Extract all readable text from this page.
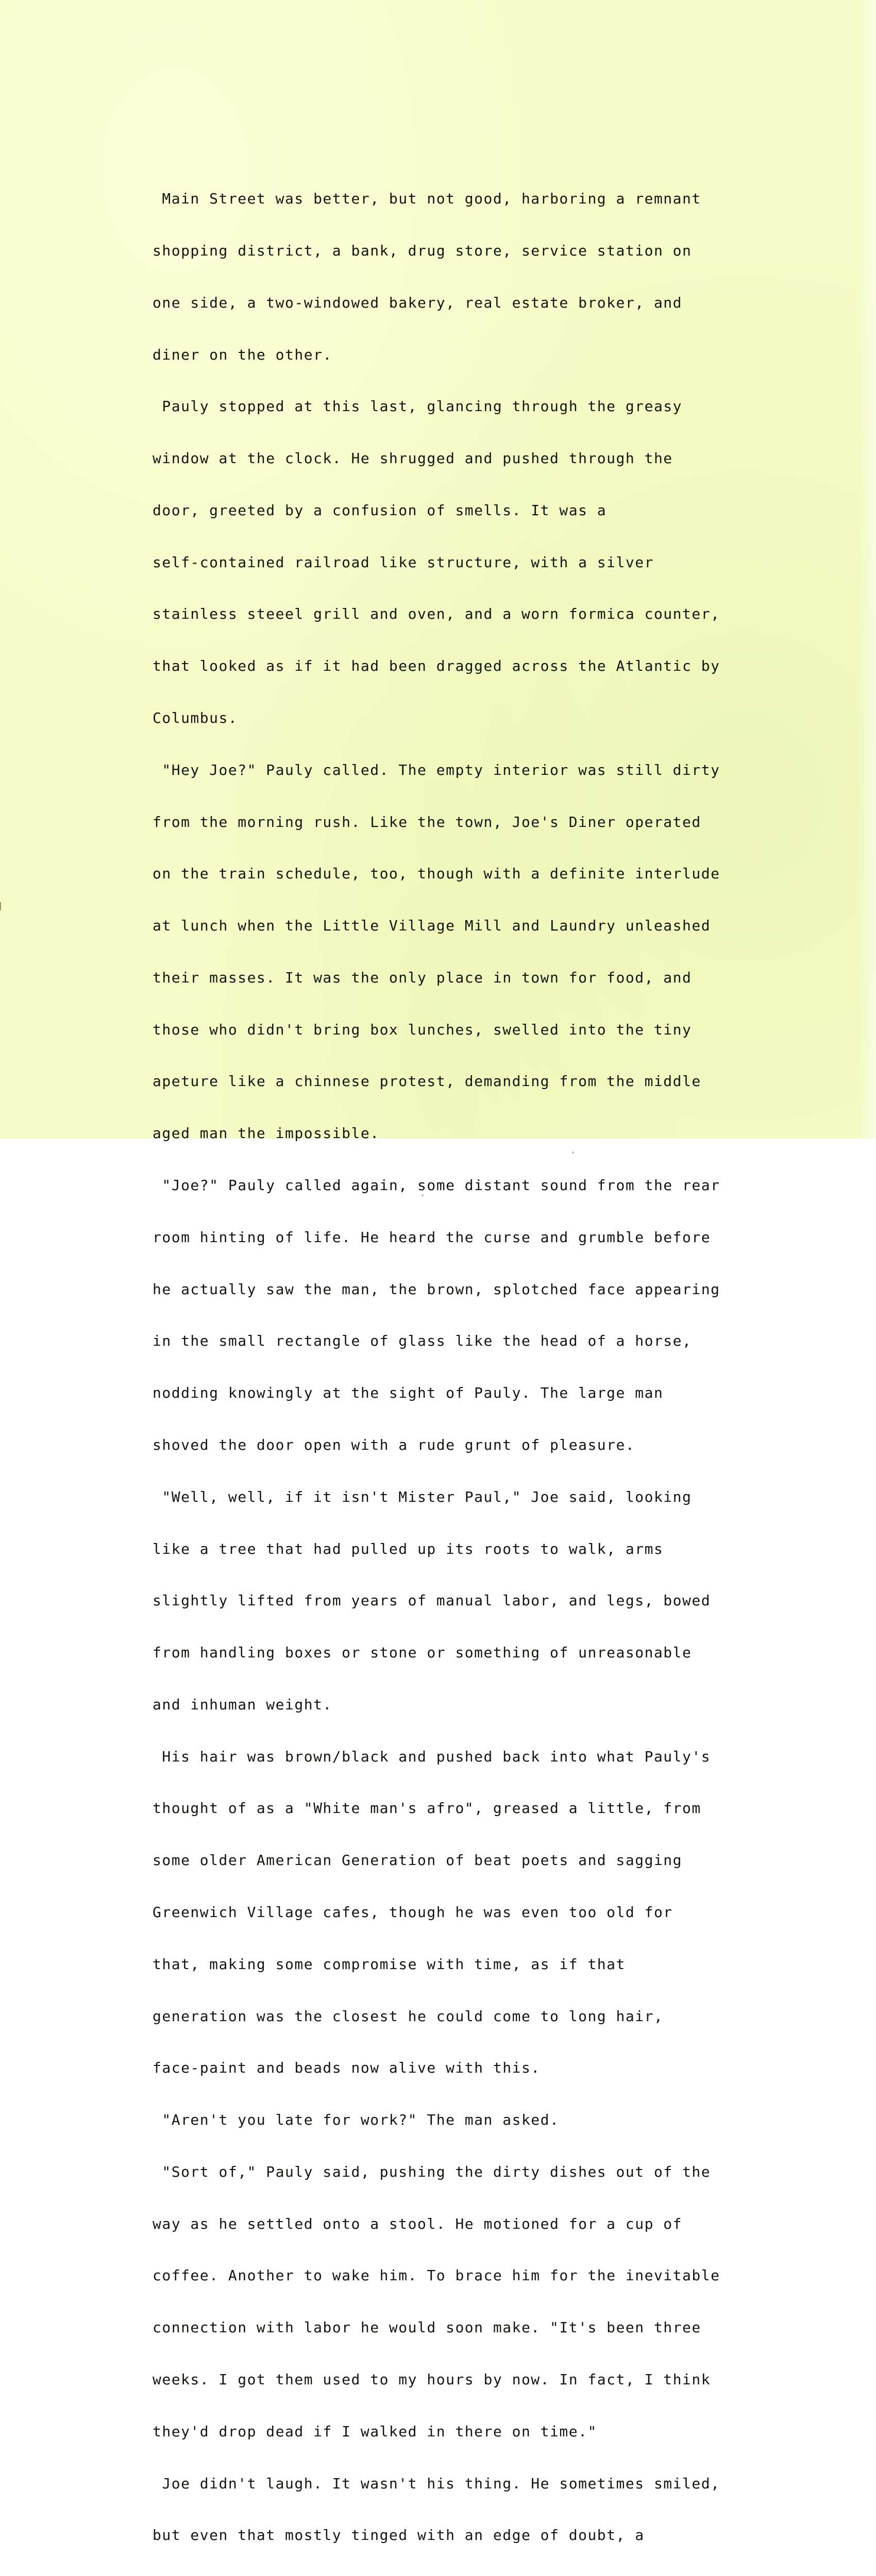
Main Street was better, but not good, harboring a remnant

shopping district, a bank, drug store, service station on

one side, a two-windowed bakery, real estate broker, and

diner on the other.

Pauly stopped at this last, glancing through the greasy

window at the clock. He shrugged and pushed through the

door, greeted by a confusion of smells. It was a

self-contained railroad like structure, with a silver

stainless steeel grill and oven, and a worn formica counter,

that looked as if it had been dragged across the Atlantic by

Columbus.

"Hey Joe?" Pauly called. The empty interior was still dirty

from the morning rush. Like the town, Joe's Diner operated

on the train schedule, too, though with a definite interlude

at lunch when the Little Village Mill and Laundry unleashed

their masses. It was the only place in town for food, and

those who didn't bring box lunches, swelled into the tiny

apeture like a chinnese protest, demanding from the middle

aged man the impossible.

"Joe?" Pauly called again, some distant sound from the rear

room hinting of life. He heard the curse and grumble before

he actually saw the man, the brown, splotched face appearing

in the small rectangle of glass like the head of a horse,

nodding knowingly at the sight of Pauly. The large man

shoved the door open with a rude grunt of pleasure.

"Well, well, if it isn't Mister Paul," Joe said, looking

like a tree that had pulled up its roots to walk, arms

slightly lifted from years of manual labor, and legs, bowed

from handling boxes or stone or something of unreasonable

and inhuman weight.

His hair was brown/black and pushed back into what Pauly's

thought of as a "White man's afro", greased a little, from

some older American Generation of beat poets and sagging

Greenwich Village cafes, though he was even too old for

that, making some compromise with time, as if that

generation was the closest he could come to long hair,

face-paint and beads now alive with this.

"Aren't you late for work?" The man asked.

"Sort of," Pauly said, pushing the dirty dishes out of the

way as he settled onto a stool. He motioned for a cup of

coffee. Another to wake him. To brace him for the inevitable

connection with labor he would soon make. "It's been three

weeks. I got them used to my hours by now. In fact, I think

they'd drop dead if I walked in there on time."

Joe didn't laugh. It wasn't his thing. He sometimes smiled,

but even that mostly tinged with an edge of doubt, a
